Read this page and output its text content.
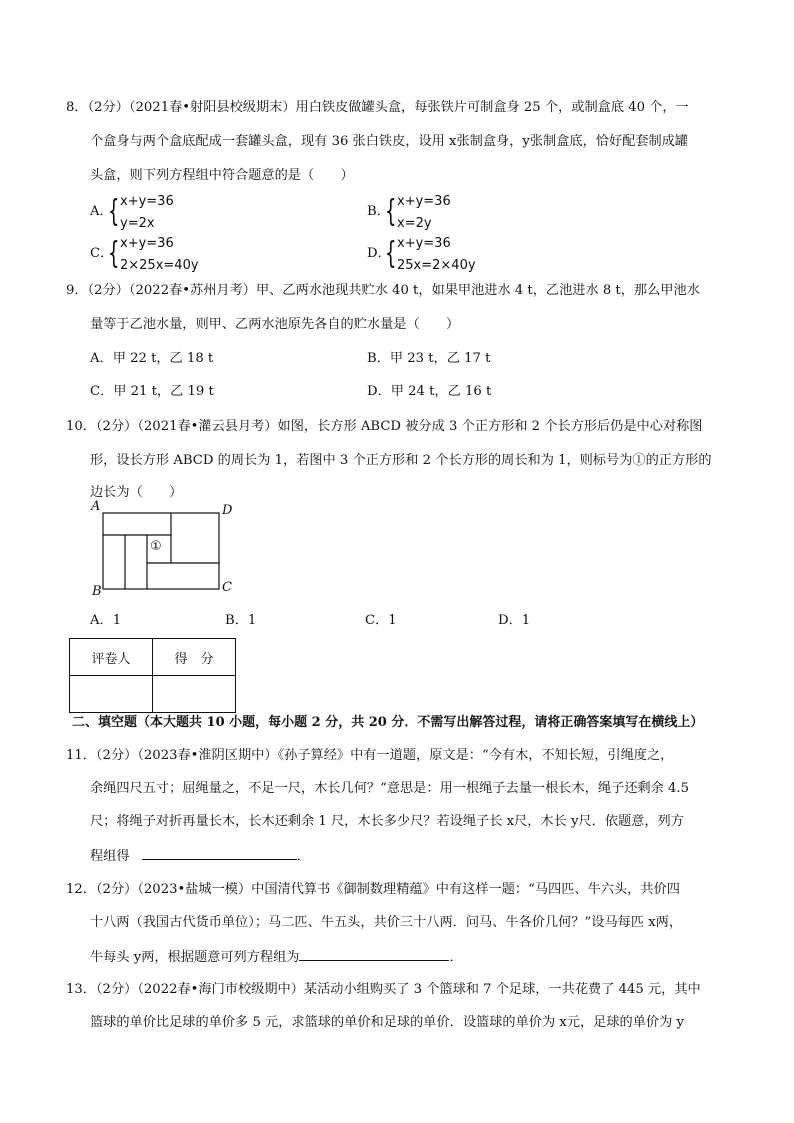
8．（2分）（2021春•射阳县校级期末）用白铁皮做罐头盒，每张铁片可制盒身 25 个，或制盒底 40 个，一
个盒身与两个盒底配成一套罐头盒，现有 36 张白铁皮，设用 x张制盒身，y张制盒底，恰好配套制成罐
头盒，则下列方程组中符合题意的是（　　）
A．
{ x+y=36
y=2x
B．
{ x+y=36
x=2y
C．
{ x+y=36
2×25x=40y
D．
{ x+y=36
25x=2×40y
9．（2分）（2022春•苏州月考）甲、乙两水池现共贮水 40 t，如果甲池进水 4 t，乙池进水 8 t，那么甲池水
量等于乙池水量，则甲、乙两水池原先各自的贮水量是（　　）
A．甲 22 t，乙 18 t	B．甲 23 t，乙 17 t
C．甲 21 t，乙 19 t	D．甲 24 t，乙 16 t
10．（2分）（2021春•灌云县月考）如图，长方形 ABCD 被分成 3 个正方形和 2 个长方形后仍是中心对称图
形，设长方形 ABCD 的周长为 1，若图中 3 个正方形和 2 个长方形的周长和为 1，则标号为①的正方形的
边长为（　　）
A	D
B	C
①
A．1	B．1	C．1	D．1
评卷人	得　分

二、填空题（本大题共 10 小题，每小题 2 分，共 20 分．不需写出解答过程，请将正确答案填写在横线上）
11．（2分）（2023春•淮阴区期中）《孙子算经》中有一道题，原文是：“今有木，不知长短，引绳度之，
余绳四尺五寸；屈绳量之，不足一尺，木长几何？”意思是：用一根绳子去量一根长木，绳子还剩余 4.5
尺；将绳子对折再量长木，长木还剩余 1 尺，木长多少尺？若设绳子长 x尺，木长 y尺．依题意，列方
程组得	．
12．（2分）（2023•盐城一模）中国清代算书《御制数理精蕴》中有这样一题：“马四匹、牛六头，共价四
十八两（我国古代货币单位）；马二匹、牛五头，共价三十八两．问马、牛各价几何？”设马每匹 x两，
牛每头 y两，根据题意可列方程组为	．
13．（2分）（2022春•海门市校级期中）某活动小组购买了 3 个篮球和 7 个足球，一共花费了 445 元，其中
篮球的单价比足球的单价多 5 元，求篮球的单价和足球的单价．设篮球的单价为 x元，足球的单价为 y
